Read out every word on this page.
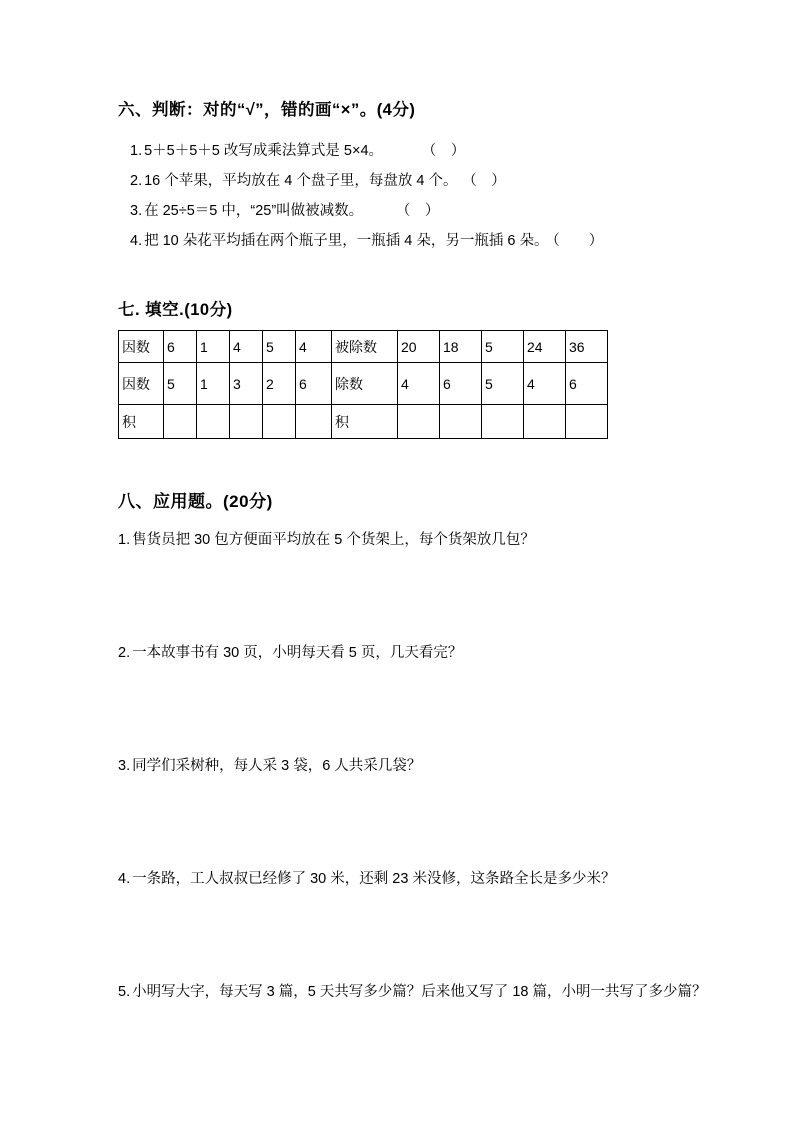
六、判断：对的“√”，错的画“×”。(4分)
1. 5＋5＋5＋5 改写成乘法算式是 5×4。	（　）
2. 16 个苹果，平均放在 4 个盘子里，每盘放 4 个。 （　）
3. 在 25÷5＝5 中，“25”叫做被减数。	（　）
4. 把 10 朵花平均插在两个瓶子里，一瓶插 4 朵，另一瓶插 6 朵。 （　　）
七. 填空.(10分)
因数	6	1	4	5	4	被除数	20	18	5	24	36
因数	5	1	3	2	6	除数	4	6	5	4	6
积						积					
八、应用题。(20分)
1. 售货员把 30 包方便面平均放在 5 个货架上，每个货架放几包？
2. 一本故事书有 30 页，小明每天看 5 页，几天看完？
3. 同学们采树种，每人采 3 袋，6 人共采几袋？
4. 一条路，工人叔叔已经修了 30 米，还剩 23 米没修，这条路全长是多少米？
5. 小明写大字，每天写 3 篇，5 天共写多少篇？后来他又写了 18 篇，小明一共写了多少篇？
